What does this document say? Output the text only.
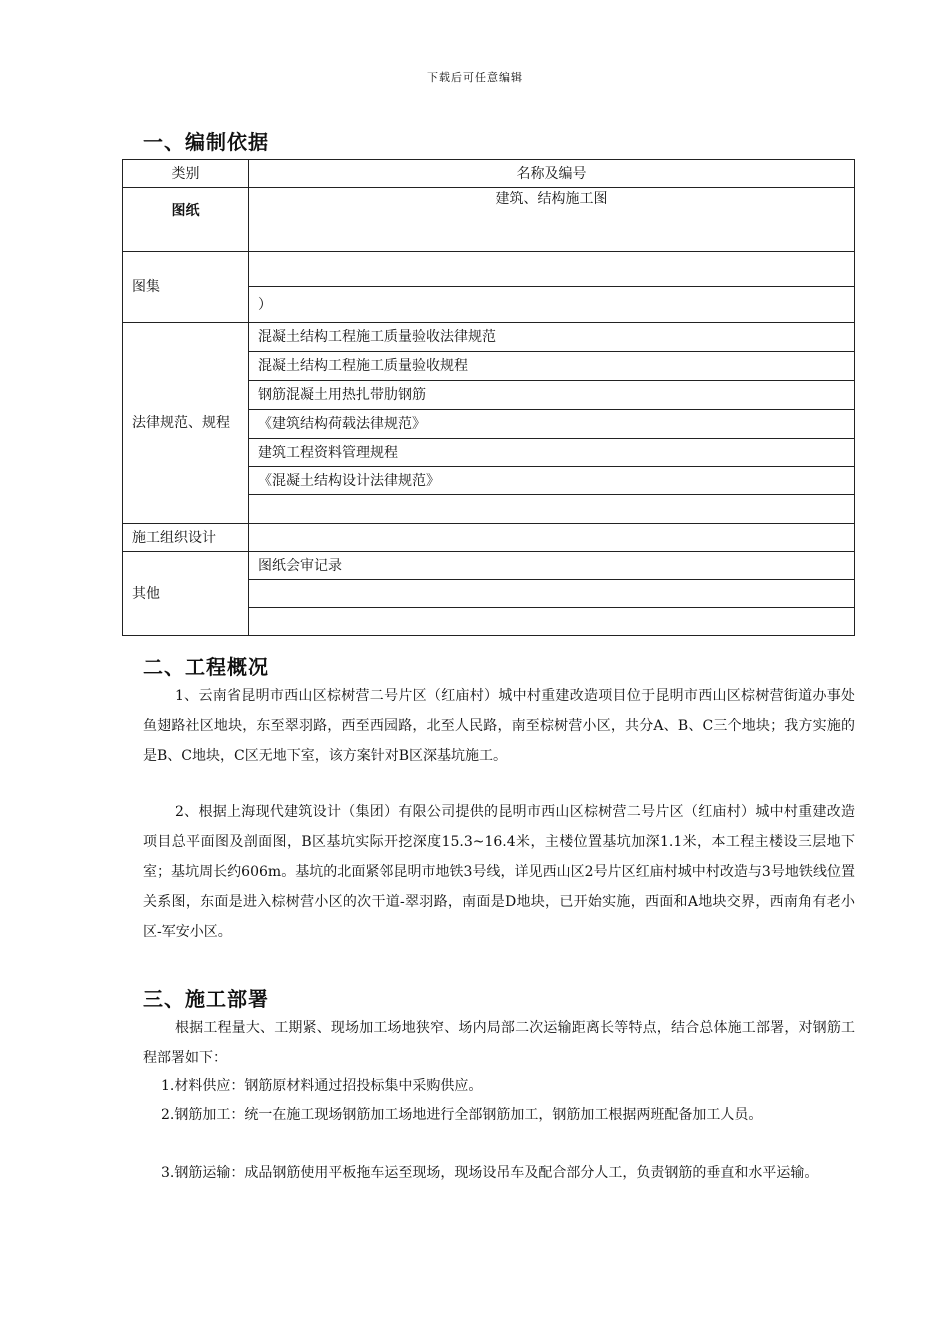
下载后可任意编辑
一、编制依据
类别	名称及编号
图纸	建筑、结构施工图
图集	
	）
法律规范、规程	混凝土结构工程施工质量验收法律规范
	混凝土结构工程施工质量验收规程
	钢筋混凝土用热扎带肋钢筋
	《建筑结构荷载法律规范》
	建筑工程资料管理规程
	《混凝土结构设计法律规范》

施工组织设计	
其他	图纸会审记录

二、工程概况

1、云南省昆明市西山区棕树营二号片区（红庙村）城中村重建改造项目位于昆明市西山区棕树营街道办事处鱼翅路社区地块，东至翠羽路，西至西园路，北至人民路，南至棕树营小区，共分A、B、C三个地块；我方实施的是B、C地块，C区无地下室，该方案针对B区深基坑施工。

2、根据上海现代建筑设计（集团）有限公司提供的昆明市西山区棕树营二号片区（红庙村）城中村重建改造项目总平面图及剖面图，B区基坑实际开挖深度15.3~16.4米，主楼位置基坑加深1.1米，本工程主楼设三层地下室；基坑周长约606m。基坑的北面紧邻昆明市地铁3号线，详见西山区2号片区红庙村城中村改造与3号地铁线位置关系图，东面是进入棕树营小区的次干道-翠羽路，南面是D地块，已开始实施，西面和A地块交界，西南角有老小区-军安小区。

三、施工部署

根据工程量大、工期紧、现场加工场地狭窄、场内局部二次运输距离长等特点，结合总体施工部署，对钢筋工程部署如下：

1.材料供应：钢筋原材料通过招投标集中采购供应。

2.钢筋加工：统一在施工现场钢筋加工场地进行全部钢筋加工，钢筋加工根据两班配备加工人员。

3.钢筋运输：成品钢筋使用平板拖车运至现场，现场设吊车及配合部分人工，负责钢筋的垂直和水平运输。
